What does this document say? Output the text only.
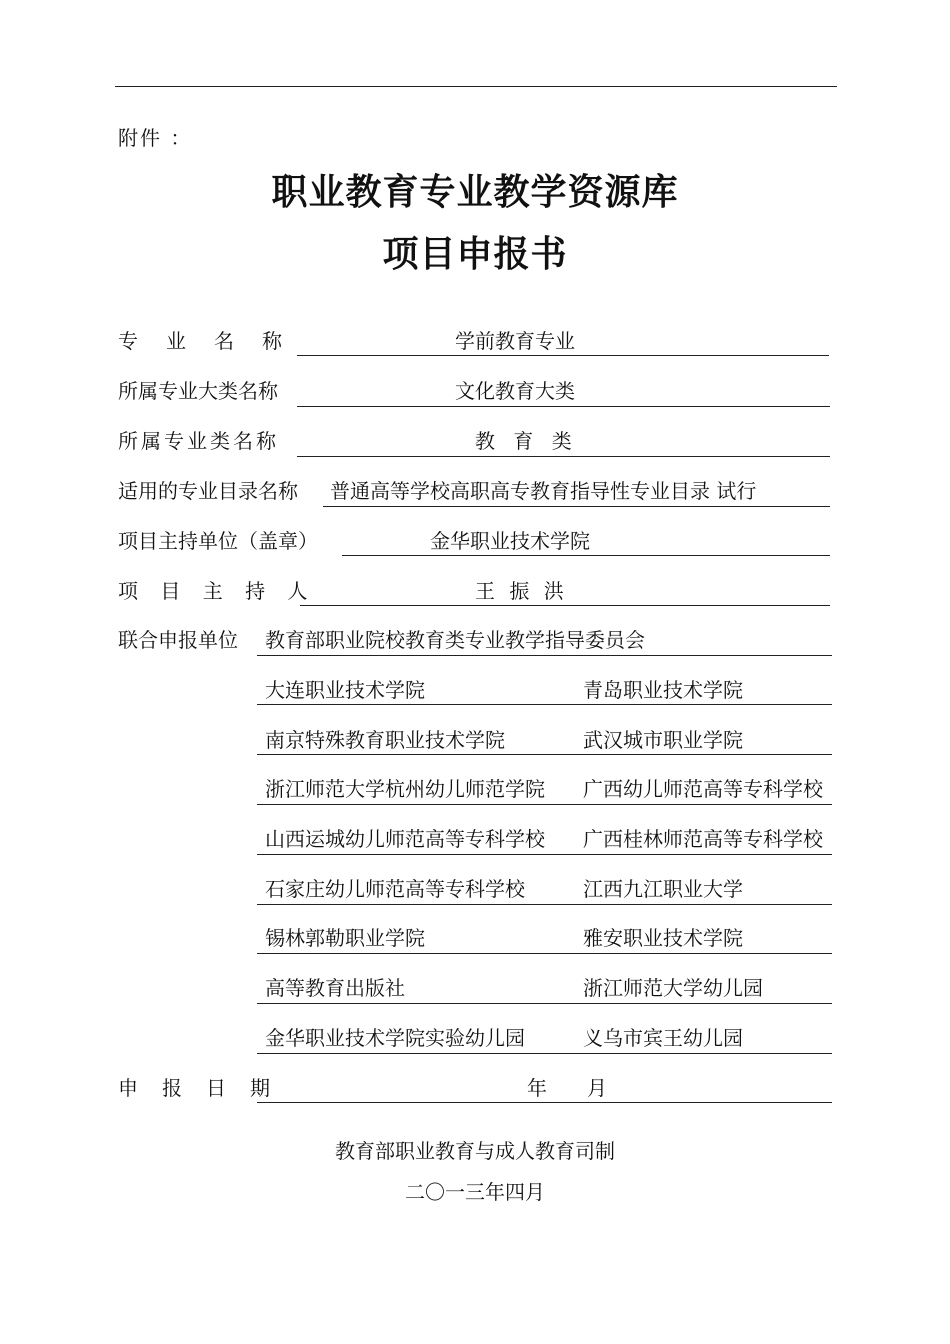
附件 ：
职业教育专业教学资源库
项目申报书
专　业　名　称	学前教育专业
所属专业大类名称	文化教育大类
所属专业类名称	教 育 类
适用的专业目录名称 普通高等学校高职高专教育指导性专业目录 试行
项目主持单位（盖章）	金华职业技术学院
项 目 主 持 人	王 振 洪
联合申报单位 教育部职业院校教育类专业教学指导委员会
大连职业技术学院	青岛职业技术学院
南京特殊教育职业技术学院	武汉城市职业学院
浙江师范大学杭州幼儿师范学院 广西幼儿师范高等专科学校
山西运城幼儿师范高等专科学校 广西桂林师范高等专科学校
石家庄幼儿师范高等专科学校	江西九江职业大学
锡林郭勒职业学院	雅安职业技术学院
高等教育出版社	浙江师范大学幼儿园
金华职业技术学院实验幼儿园	义乌市宾王幼儿园
申　报　日　期	年　　月
教育部职业教育与成人教育司制
二〇一三年四月
